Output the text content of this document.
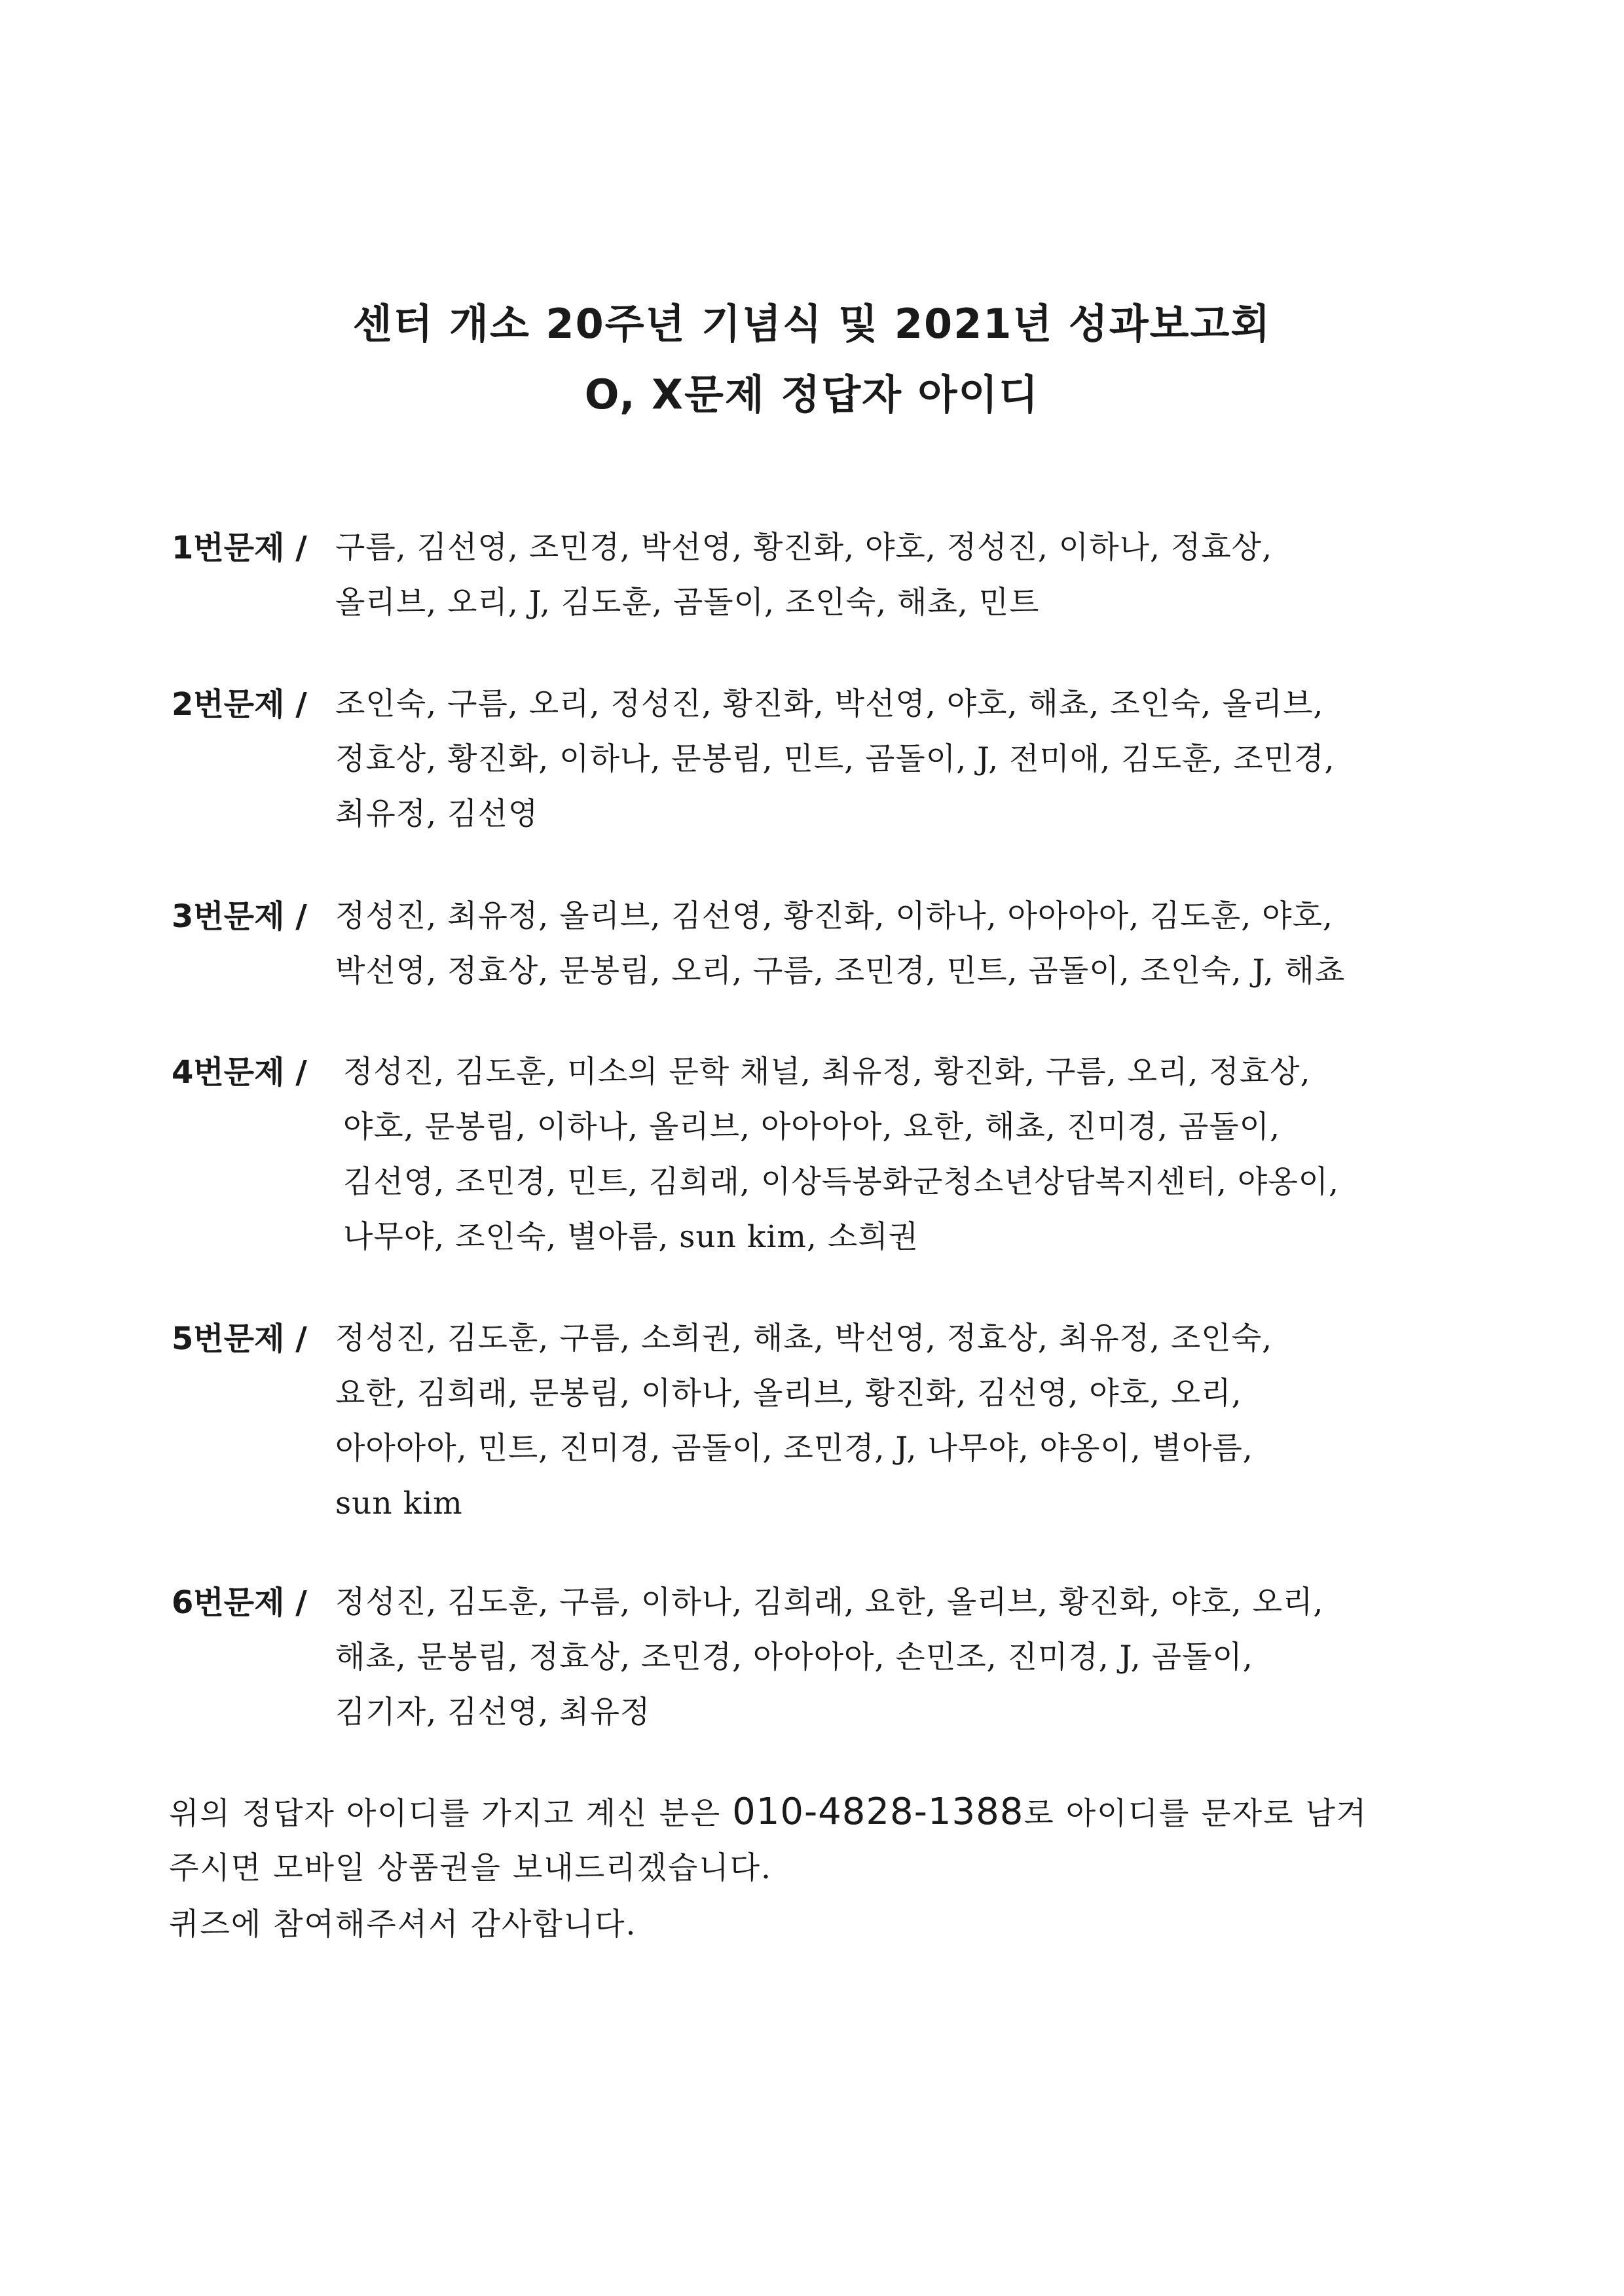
센터 개소 20주년 기념식 및 2021년 성과보고회
O, X문제 정답자 아이디
1번문제 / 구름, 김선영, 조민경, 박선영, 황진화, 야호, 정성진, 이하나, 정효상,
올리브, 오리, J, 김도훈, 곰돌이, 조인숙, 해쵸, 민트
2번문제 / 조인숙, 구름, 오리, 정성진, 황진화, 박선영, 야호, 해쵸, 조인숙, 올리브,
정효상, 황진화, 이하나, 문봉림, 민트, 곰돌이, J, 전미애, 김도훈, 조민경,
최유정, 김선영
3번문제 / 정성진, 최유정, 올리브, 김선영, 황진화, 이하나, 아아아아, 김도훈, 야호,
박선영, 정효상, 문봉림, 오리, 구름, 조민경, 민트, 곰돌이, 조인숙, J, 해쵸
4번문제 / 정성진, 김도훈, 미소의 문학 채널, 최유정, 황진화, 구름, 오리, 정효상,
야호, 문봉림, 이하나, 올리브, 아아아아, 요한, 해쵸, 진미경, 곰돌이,
김선영, 조민경, 민트, 김희래, 이상득봉화군청소년상담복지센터, 야옹이,
나무야, 조인숙, 별아름, sun kim, 소희권
5번문제 / 정성진, 김도훈, 구름, 소희권, 해쵸, 박선영, 정효상, 최유정, 조인숙,
요한, 김희래, 문봉림, 이하나, 올리브, 황진화, 김선영, 야호, 오리,
아아아아, 민트, 진미경, 곰돌이, 조민경, J, 나무야, 야옹이, 별아름,
sun kim
6번문제 / 정성진, 김도훈, 구름, 이하나, 김희래, 요한, 올리브, 황진화, 야호, 오리,
해쵸, 문봉림, 정효상, 조민경, 아아아아, 손민조, 진미경, J, 곰돌이,
김기자, 김선영, 최유정
위의 정답자 아이디를 가지고 계신 분은 010-4828-1388로 아이디를 문자로 남겨
주시면 모바일 상품권을 보내드리겠습니다.
퀴즈에 참여해주셔서 감사합니다.
